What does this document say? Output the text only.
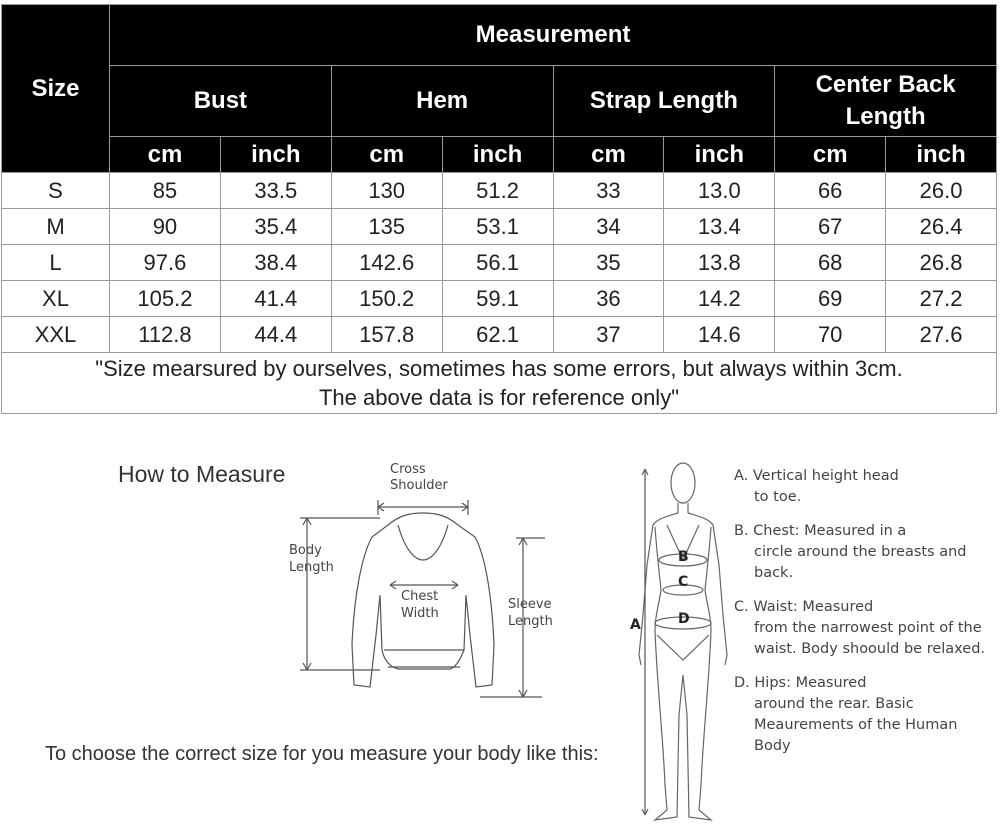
Size	Measurement							
	Bust		Hem		Strap Length		Center Back Length	
	cm	inch	cm	inch	cm	inch	cm	inch
S	85	33.5	130	51.2	33	13.0	66	26.0
M	90	35.4	135	53.1	34	13.4	67	26.4
L	97.6	38.4	142.6	56.1	35	13.8	68	26.8
XL	105.2	41.4	150.2	59.1	36	14.2	69	27.2
XXL	112.8	44.4	157.8	62.1	37	14.6	70	27.6

"Size mearsured by ourselves, sometimes has some errors, but always within 3cm.
The above data is for reference only"								
How to Measure	Cross
Shoulder
Body
Length
Chest
Width
Sleeve
Length
To choose the correct size for you measure your body like this:
A
B
C
D
A. Vertical height head
to toe.
B. Chest: Measured in a
circle around the breasts and back.
C. Waist: Measured
from the narrowest point of the waist. Body shoould be relaxed.
D. Hips: Measured
around the rear. Basic Meaurements of the Human Body
